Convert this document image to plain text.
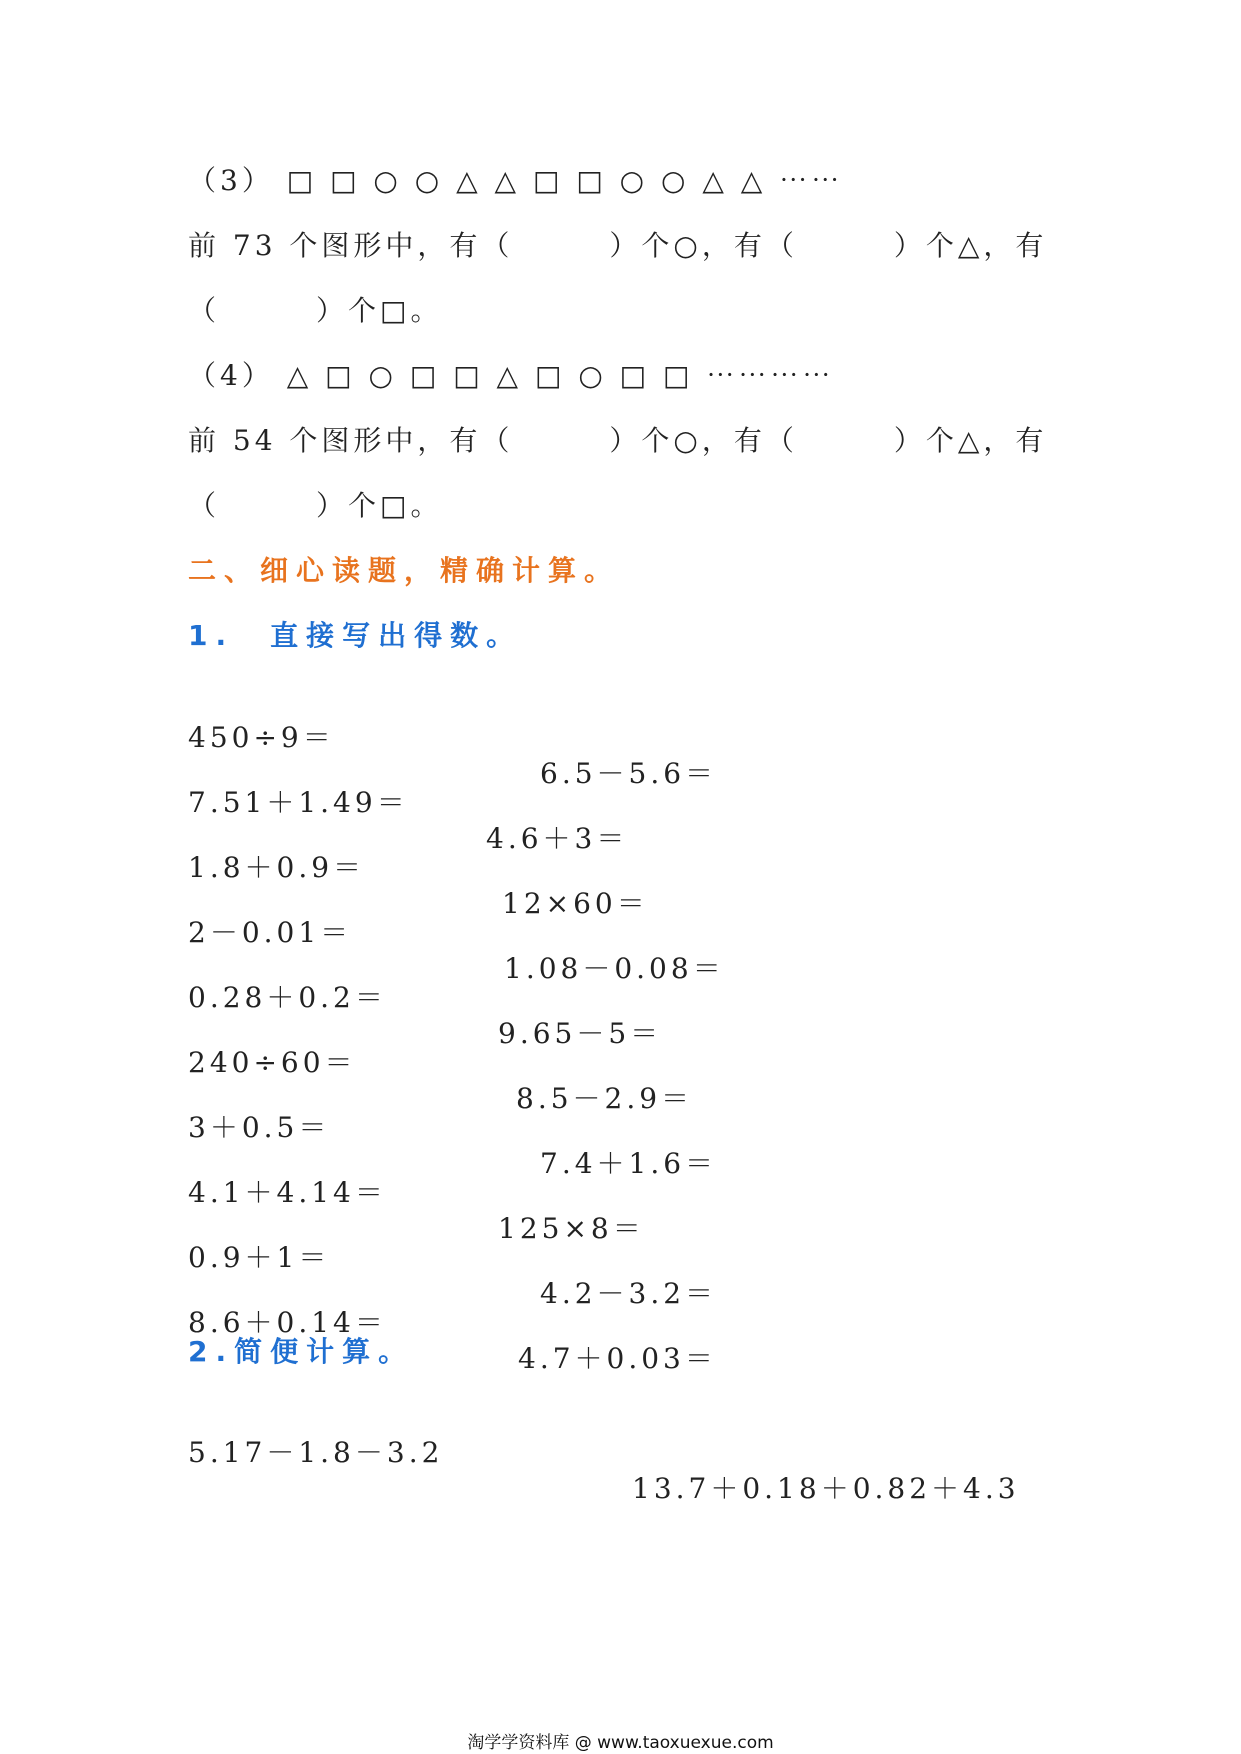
（3） □ □ ○ ○ △ △ □ □ ○ ○ △ △ ⋯⋯
前 73 个图形中，有（　　　）个○，有（　　　）个△，有
（　　　）个□。
（4） △ □ ○ □ □ △ □ ○ □ □ ⋯⋯⋯⋯
前 54 个图形中，有（　　　）个○，有（　　　）个△，有
（　　　）个□。
二、细心读题，精确计算。
1.　直接写出得数。

450÷9＝

6.5－5.6＝

7.51＋1.49＝

4.6＋3＝

1.8＋0.9＝

12×60＝

2－0.01＝

1.08－0.08＝

0.28＋0.2＝

9.65－5＝

240÷60＝

8.5－2.9＝

3＋0.5＝

7.4＋1.6＝

4.1＋4.14＝

125×8＝

0.9＋1＝

4.2－3.2＝

8.6＋0.14＝

4.7＋0.03＝

2.简便计算。

5.17－1.8－3.2

13.7＋0.18＋0.82＋4.3

淘学学资料库 @ www.taoxuexue.com
